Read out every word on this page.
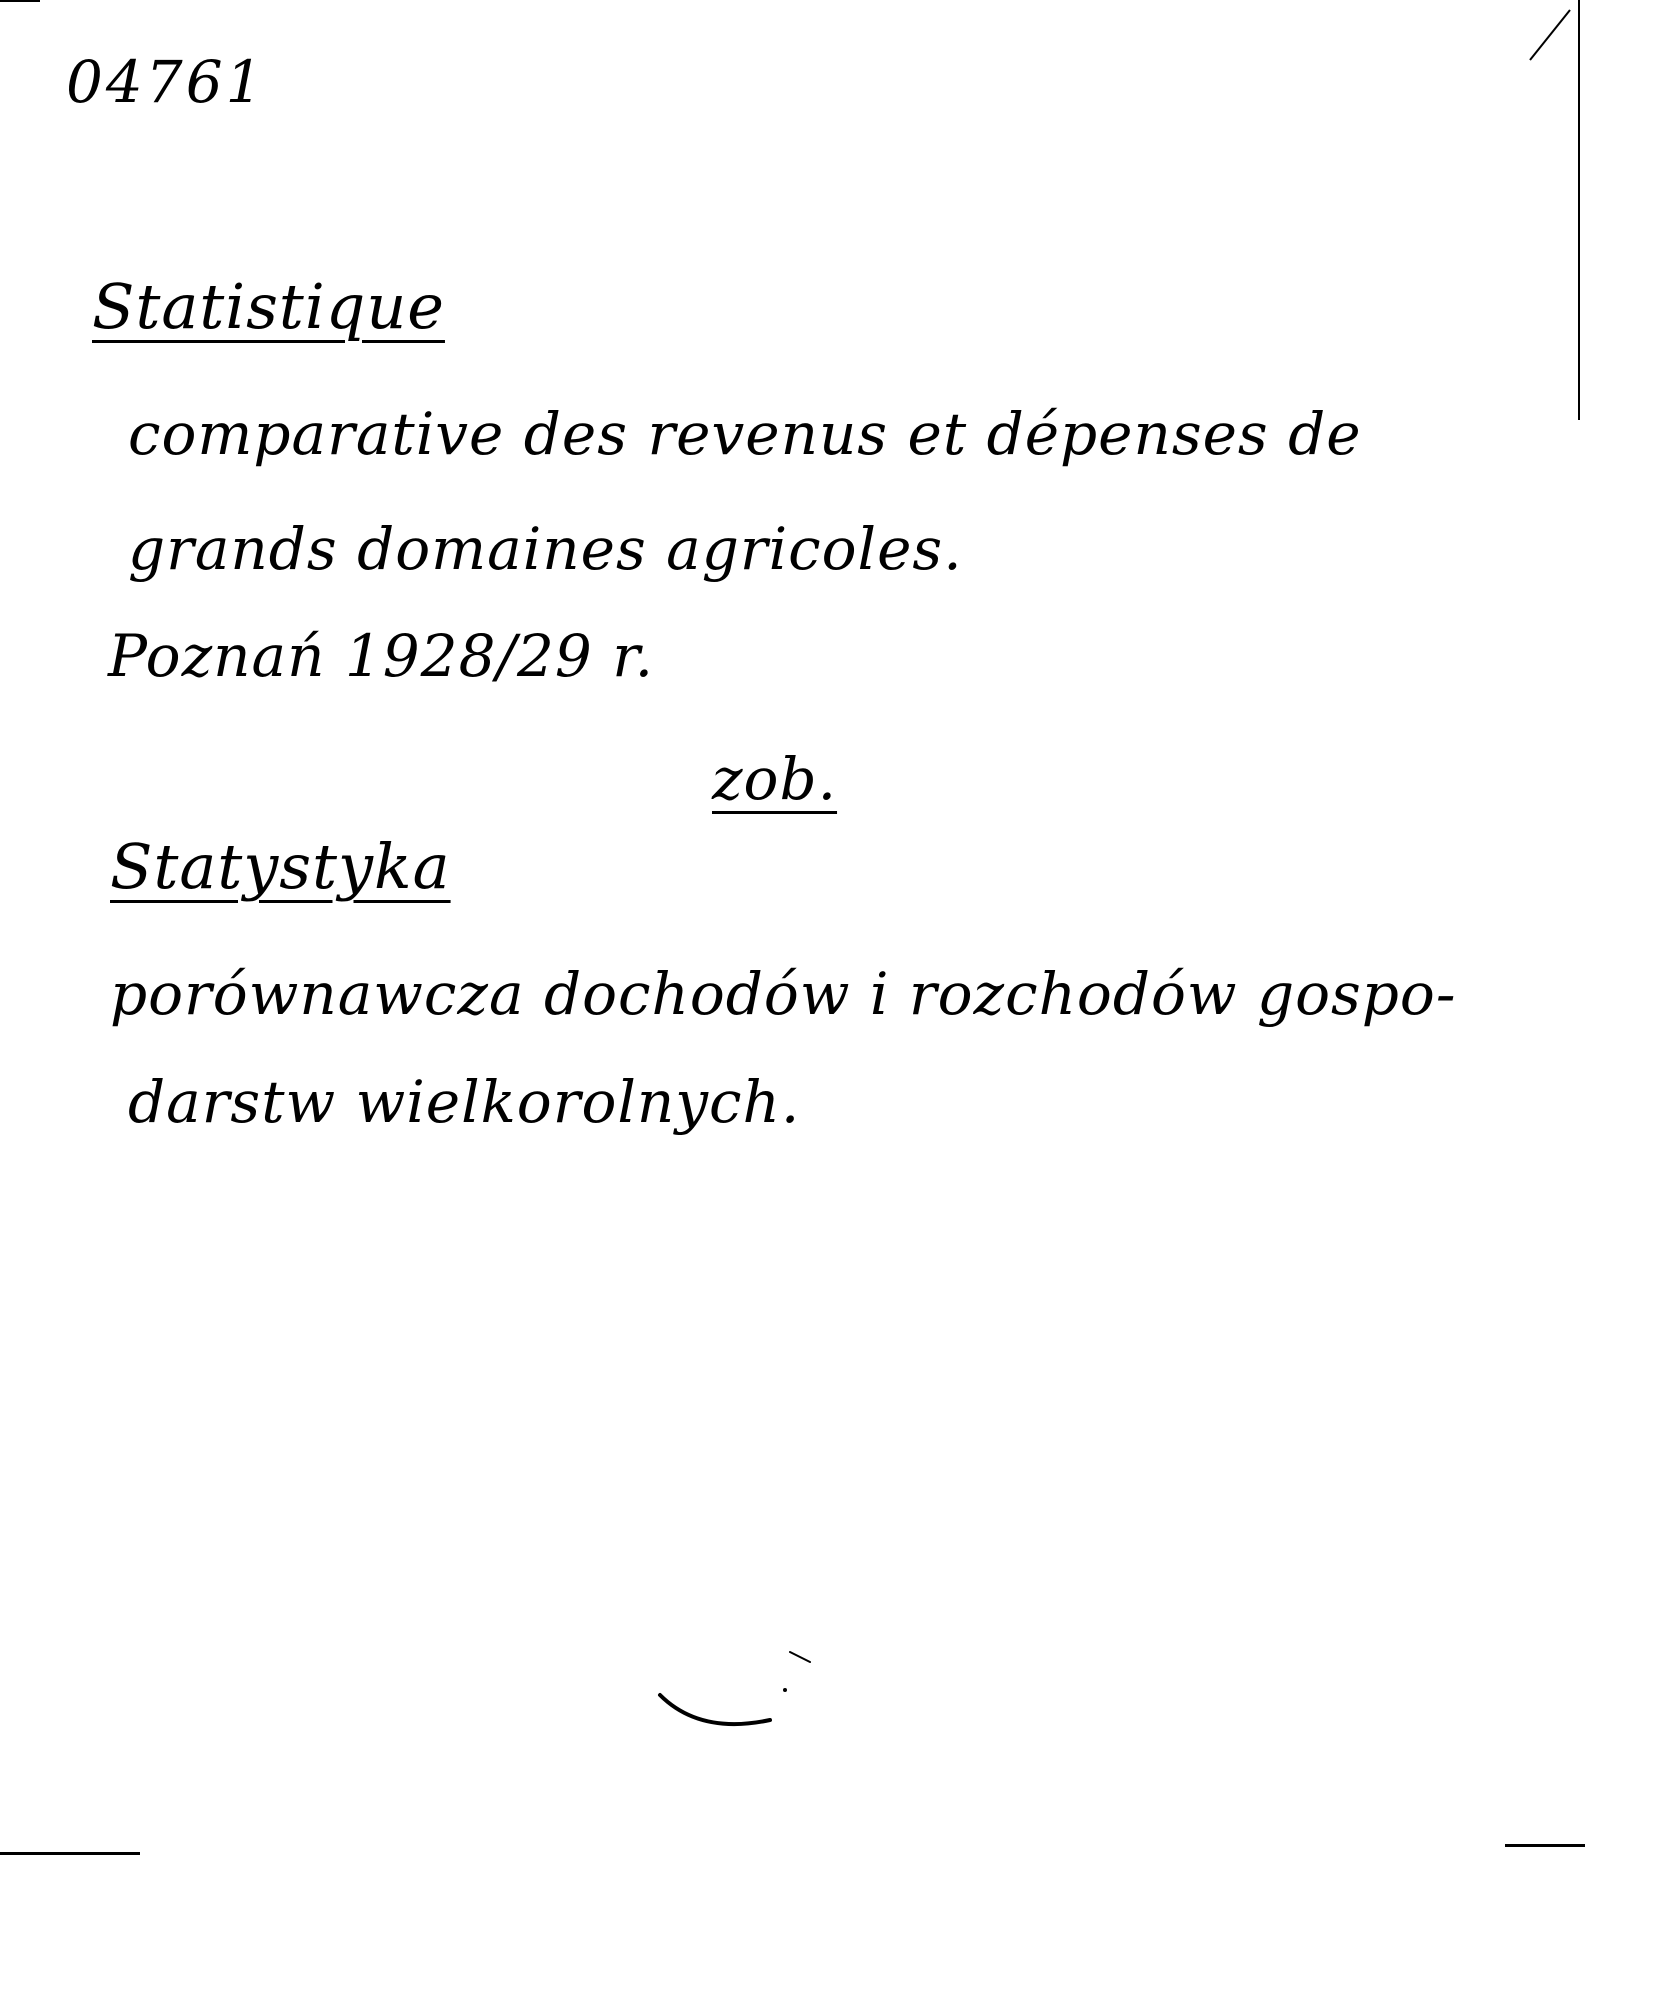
04761
Statistique
comparative des revenus et dépenses de
grands domaines agricoles.
Poznań 1928/29 r.
zob.
Statystyka
porównawcza dochodów i rozchodów gospo-
darstw wielkorolnych.
